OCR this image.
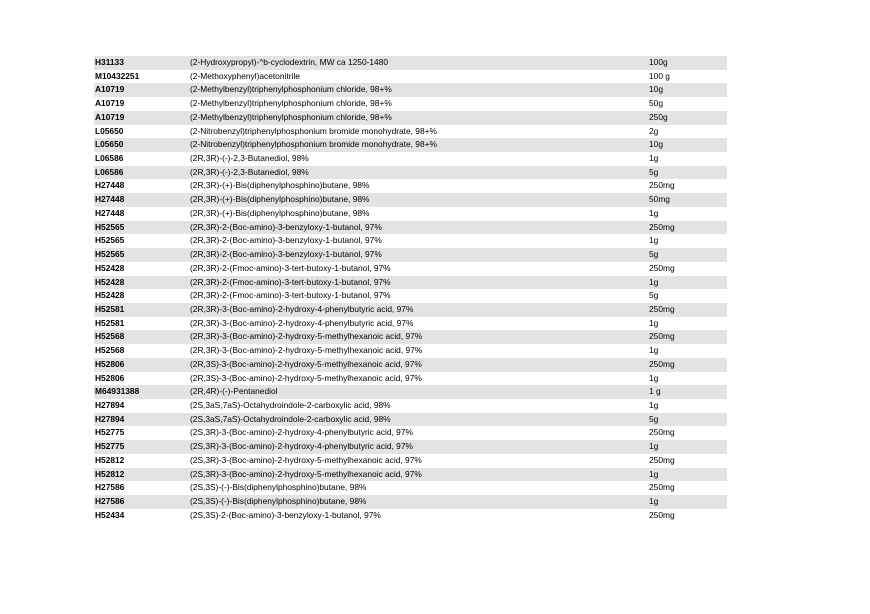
H31133	(2-Hydroxypropyl)-^b-cyclodextrin, MW ca 1250-1480	100g
M10432251	(2-Methoxyphenyl)acetonitrile	100 g
A10719	(2-Methylbenzyl)triphenylphosphonium chloride, 98+%	10g
A10719	(2-Methylbenzyl)triphenylphosphonium chloride, 98+%	50g
A10719	(2-Methylbenzyl)triphenylphosphonium chloride, 98+%	250g
L05650	(2-Nitrobenzyl)triphenylphosphonium bromide monohydrate, 98+%	2g
L05650	(2-Nitrobenzyl)triphenylphosphonium bromide monohydrate, 98+%	10g
L06586	(2R,3R)-(-)-2,3-Butanediol, 98%	1g
L06586	(2R,3R)-(-)-2,3-Butanediol, 98%	5g
H27448	(2R,3R)-(+)-Bis(diphenylphosphino)butane, 98%	250mg
H27448	(2R,3R)-(+)-Bis(diphenylphosphino)butane, 98%	50mg
H27448	(2R,3R)-(+)-Bis(diphenylphosphino)butane, 98%	1g
H52565	(2R,3R)-2-(Boc-amino)-3-benzyloxy-1-butanol, 97%	250mg
H52565	(2R,3R)-2-(Boc-amino)-3-benzyloxy-1-butanol, 97%	1g
H52565	(2R,3R)-2-(Boc-amino)-3-benzyloxy-1-butanol, 97%	5g
H52428	(2R,3R)-2-(Fmoc-amino)-3-tert-butoxy-1-butanol, 97%	250mg
H52428	(2R,3R)-2-(Fmoc-amino)-3-tert-butoxy-1-butanol, 97%	1g
H52428	(2R,3R)-2-(Fmoc-amino)-3-tert-butoxy-1-butanol, 97%	5g
H52581	(2R,3R)-3-(Boc-amino)-2-hydroxy-4-phenylbutyric acid, 97%	250mg
H52581	(2R,3R)-3-(Boc-amino)-2-hydroxy-4-phenylbutyric acid, 97%	1g
H52568	(2R,3R)-3-(Boc-amino)-2-hydroxy-5-methylhexanoic acid, 97%	250mg
H52568	(2R,3R)-3-(Boc-amino)-2-hydroxy-5-methylhexanoic acid, 97%	1g
H52806	(2R,3S)-3-(Boc-amino)-2-hydroxy-5-methylhexanoic acid, 97%	250mg
H52806	(2R,3S)-3-(Boc-amino)-2-hydroxy-5-methylhexanoic acid, 97%	1g
M64931388	(2R,4R)-(-)-Pentanediol	1 g
H27894	(2S,3aS,7aS)-Octahydroindole-2-carboxylic acid, 98%	1g
H27894	(2S,3aS,7aS)-Octahydroindole-2-carboxylic acid, 98%	5g
H52775	(2S,3R)-3-(Boc-amino)-2-hydroxy-4-phenylbutyric acid, 97%	250mg
H52775	(2S,3R)-3-(Boc-amino)-2-hydroxy-4-phenylbutyric acid, 97%	1g
H52812	(2S,3R)-3-(Boc-amino)-2-hydroxy-5-methylhexanoic acid, 97%	250mg
H52812	(2S,3R)-3-(Boc-amino)-2-hydroxy-5-methylhexanoic acid, 97%	1g
H27586	(2S,3S)-(-)-Bis(diphenylphosphino)butane, 98%	250mg
H27586	(2S,3S)-(-)-Bis(diphenylphosphino)butane, 98%	1g
H52434	(2S,3S)-2-(Boc-amino)-3-benzyloxy-1-butanol, 97%	250mg
